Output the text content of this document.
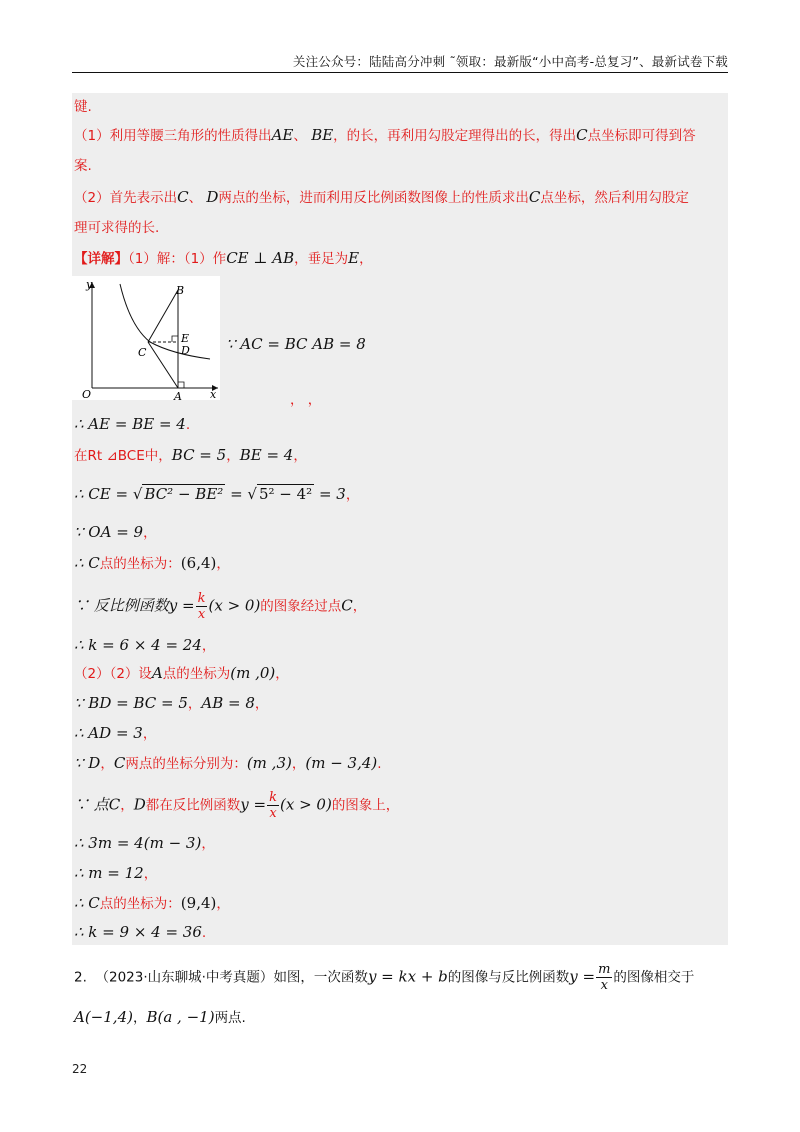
关注公众号：陆陆高分冲刺 ˜领取：最新版“小中高考-总复习”、最新试卷下载
键.
（1）利用等腰三角形的性质得出AE、 BE，的长，再利用勾股定理得出的长，得出C点坐标即可得到答
案.
（2）首先表示出C、 D两点的坐标，进而利用反比例函数图像上的性质求出C点坐标，然后利用勾股定
理可求得的长.
【详解】（1）解：（1）作CE ⊥ AB，垂足为E，
y
x
O	A
B
C	D
E ∵ AC = BC AB = 8
， ，
∴ AE = BE = 4.
在Rt ⊿BCE中，BC = 5，BE = 4，
∴ CE = √ BC² − BE² = √ 5² − 4² = 3，
∵ OA = 9，
∴ C点的坐标为：(6,4)，
∵ 反比例函数$y = \frac{k}{x} (x > 0)$的图象经过点C，
∴ k = 6 × 4 = 24，
（2）（2）设A点的坐标为(m ,0)，
∵ BD = BC = 5，AB = 8，
∴ AD = 3，
∵ D，C两点的坐标分别为：(m ,3)，(m − 3,4).
∵ 点C，D都在反比例函数$y = \frac{k}{x} (x > 0)$的图象上，
∴ 3m = 4(m − 3)，
∴ m = 12，
∴ C点的坐标为：(9,4)，
∴ k = 9 × 4 = 36.
2. （2023·山东聊城·中考真题）如图，一次函数y = kx + b的图像与反比例函数$y = \frac{m}{x}$ 的图像相交于
A(−1,4)，B(a , −1)两点.
22
